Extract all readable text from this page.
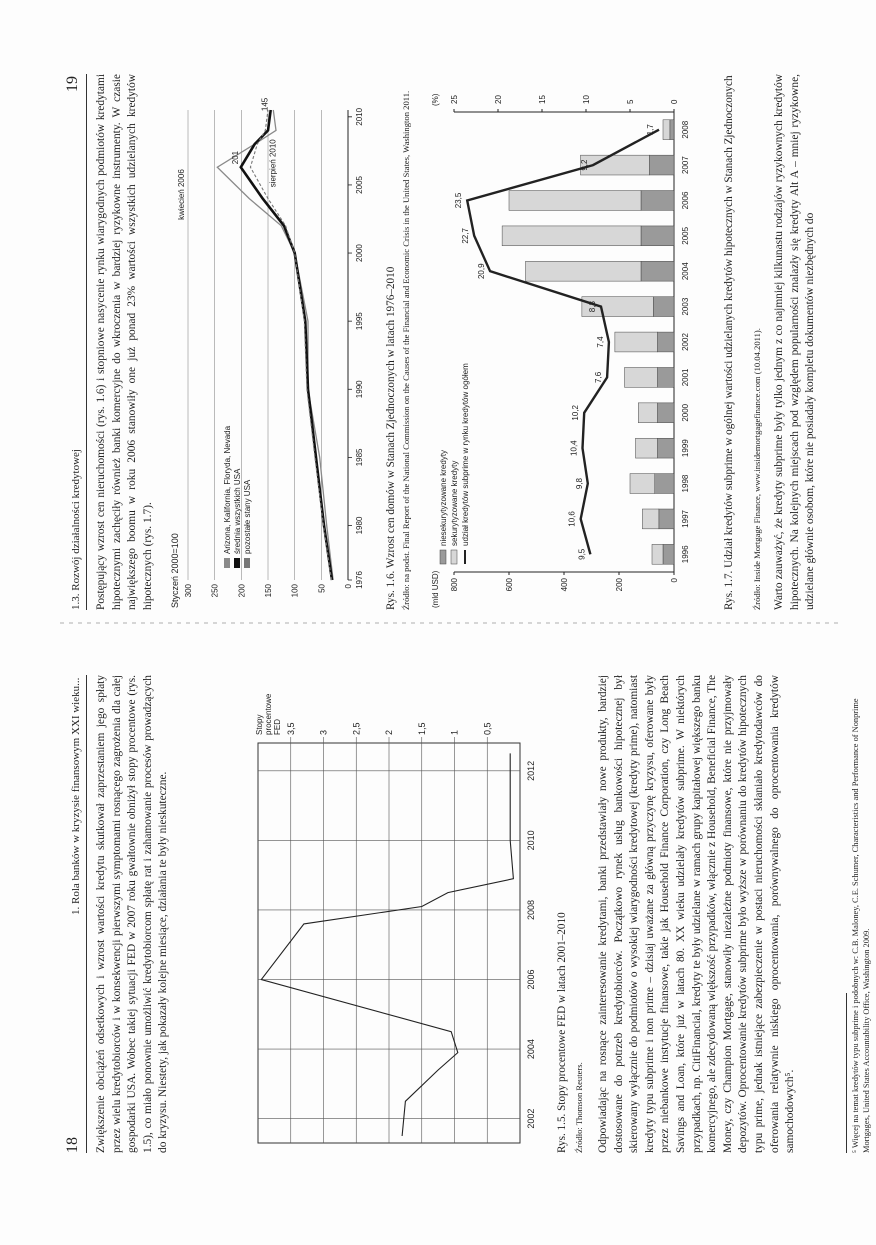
18
1. Rola banków w kryzysie finansowym XXI wieku... Zwiększenie obciążeń odsetkowych i wzrost wartości kredytu skutkował zaprzestaniem jego spłaty przez wielu kredytobiorców i w konsekwencji pierwszymi symptomami rosnącego zagrożenia dla całej gospodarki USA. Wobec takiej sytuacji FED w 2007 roku gwałtownie obniżył stopy procentowe (rys. 1.5), co miało ponownie umożliwić kredytobiorcom spłatę rat i zahamowanie procesów prowadzących do kryzysu. Niestety, jak pokazały kolejne miesiące, działania te były nieskuteczne.

0,5
1
1,5
2
2,5
3
3,5
2002
2004
2006
2008
2010
2012
Stopy procentowe FED

Rys. 1.5. Stopy procentowe FED w latach 2001–2010 Źródło: Thomson Reuters. Odpowiadając na rosnące zainteresowanie kredytami, banki przedstawiały nowe produkty, bardziej dostosowane do potrzeb kredytobiorców. Początkowo rynek usług bankowości hipotecznej był skierowany wyłącznie do podmiotów o wysokiej wiarygodności kredytowej (kredyty prime), natomiast kredyty typu subprime i non prime – dzisiaj uważane za główną przyczynę kryzysu, oferowane były przez niebankowe instytucje finansowe, takie jak Household Finance Corporation, czy Long Beach Savings and Loan, które już w latach 80. XX wieku udzielały kredytów subprime. W niektórych przypadkach, np. CitiFinancial, kredyty te były udzielane w ramach grupy kapitałowej większego banku komercyjnego, ale zdecydowaną większość przypadków, włącznie z Household, Beneficial Finance, The Money, czy Champion Mortgage, stanowiły niezależne podmioty finansowe, które nie przyjmowały depozytów. Oprocentowanie kredytów subprime było wyższe w porównaniu do kredytów hipotecznych typu prime, jednak istniejące zabezpieczenie w postaci nieruchomości skłaniało kredytodawców do oferowania relatywnie niskiego oprocentowania, porównywalnego do oprocentowania kredytów samochodowych⁵.	⁵ Więcej na temat kredytów typu subprime i podobnych w: C.B. Maloney, C.E. Schumer, Characteristics and Performance of Nonprime Mortgages, United States Accountability Office, Washington 2009.

1.3. Rozwój działalności kredytowej
19 Postępujący wzrost cen nieruchomości (rys. 1.6) i stopniowe nasycenie rynku wiarygodnych podmiotów kredytami hipotecznymi zachęciły również banki komercyjne do wkroczenia w bardziej ryzykowne instrumenty. W czasie największego boomu w roku 2006 stanowiły one już ponad 23% wartości wszystkich udzielanych kredytów hipotecznych (rys. 1.7). Styczeń 2000=100	0
50
100
150
200
250
300
1976
1980
1985
1990
1995
2000
2005
2010
Arizona, Kalifornia, Floryda, Nevada średnia wszystkich USA pozostałe stany USA
kwiecień 2006
201	sierpień 2010
145

Rys. 1.6. Wzrost cen domów w Stanach Zjednoczonych w latach 1976–2010 Źródło: na podst. Final Report of the National Commission on the Causes of the Financial and Economic Crisis in the United States, Washington 2011.	(mld USD)
(%)
0
200
400
600
800
0
5
10
15
20
25
1996
1997
1998
1999
2000
2001
2002
2003
2004
2005
2006
2007
2008
9,5
10,6
9,8
10,4
10,2
7,6
7,4
8,3
20,9
22,7
23,5
9,2
1,7
niesekurytyzowane kredyty sekurytyzowane kredyty udział kredytów subprime w rynku kredytów ogółem	Rys. 1.7. Udział kredytów subprime w ogólnej wartości udzielanych kredytów hipotecznych w Stanach Zjednoczonych Źródło: Inside Mortgage Finance, www.insidemortgagefinance.com (10.04.2011). Warto zauważyć, że kredyty subprime były tylko jednym z co najmniej kilkunastu rodzajów ryzykownych kredytów hipotecznych. Na kolejnych miejscach pod względem popularności znalazły się kredyty Alt A – mniej ryzykowne, udzielane głównie osobom, które nie posiadały kompletu dokumentów niezbędnych do
